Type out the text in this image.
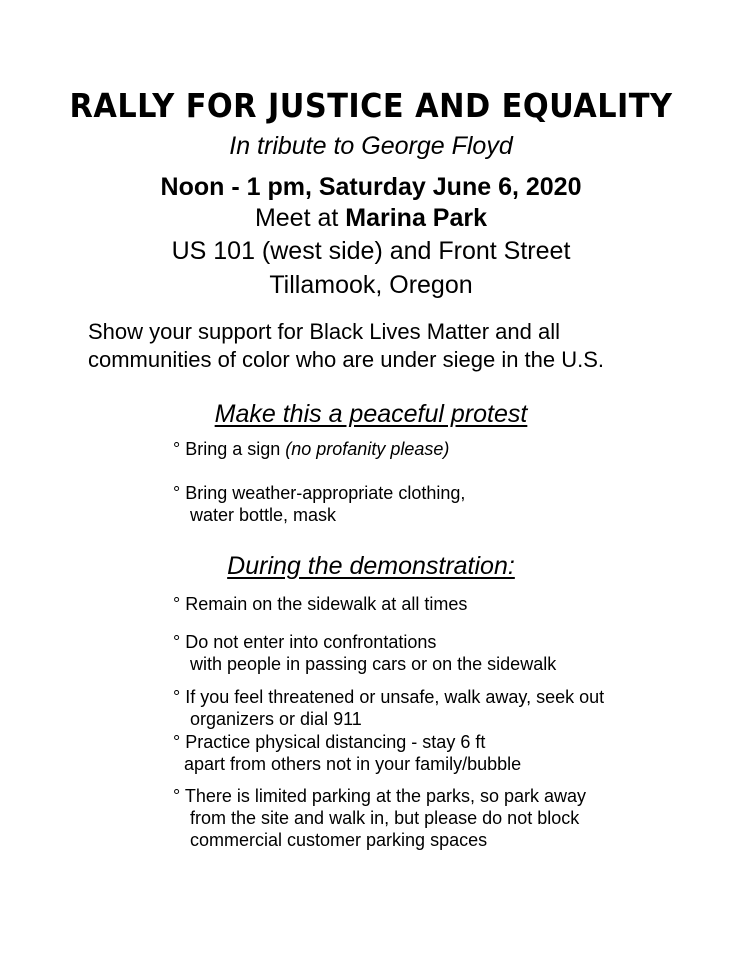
RALLY FOR JUSTICE AND EQUALITY
In tribute to George Floyd
Noon - 1 pm, Saturday June 6, 2020
Meet at Marina Park
US 101 (west side) and Front Street
Tillamook, Oregon
Show your support for Black Lives Matter and all
communities of color who are under siege in the U.S.
Make this a peaceful protest
° Bring a sign (no profanity please)
° Bring weather-appropriate clothing,
water bottle, mask
During the demonstration:
° Remain on the sidewalk at all times
° Do not enter into confrontations
with people in passing cars or on the sidewalk
° If you feel threatened or unsafe, walk away, seek out
organizers or dial 911
° Practice physical distancing - stay 6 ft
apart from others not in your family/bubble
° There is limited parking at the parks, so park away
from the site and walk in, but please do not block
commercial customer parking spaces
